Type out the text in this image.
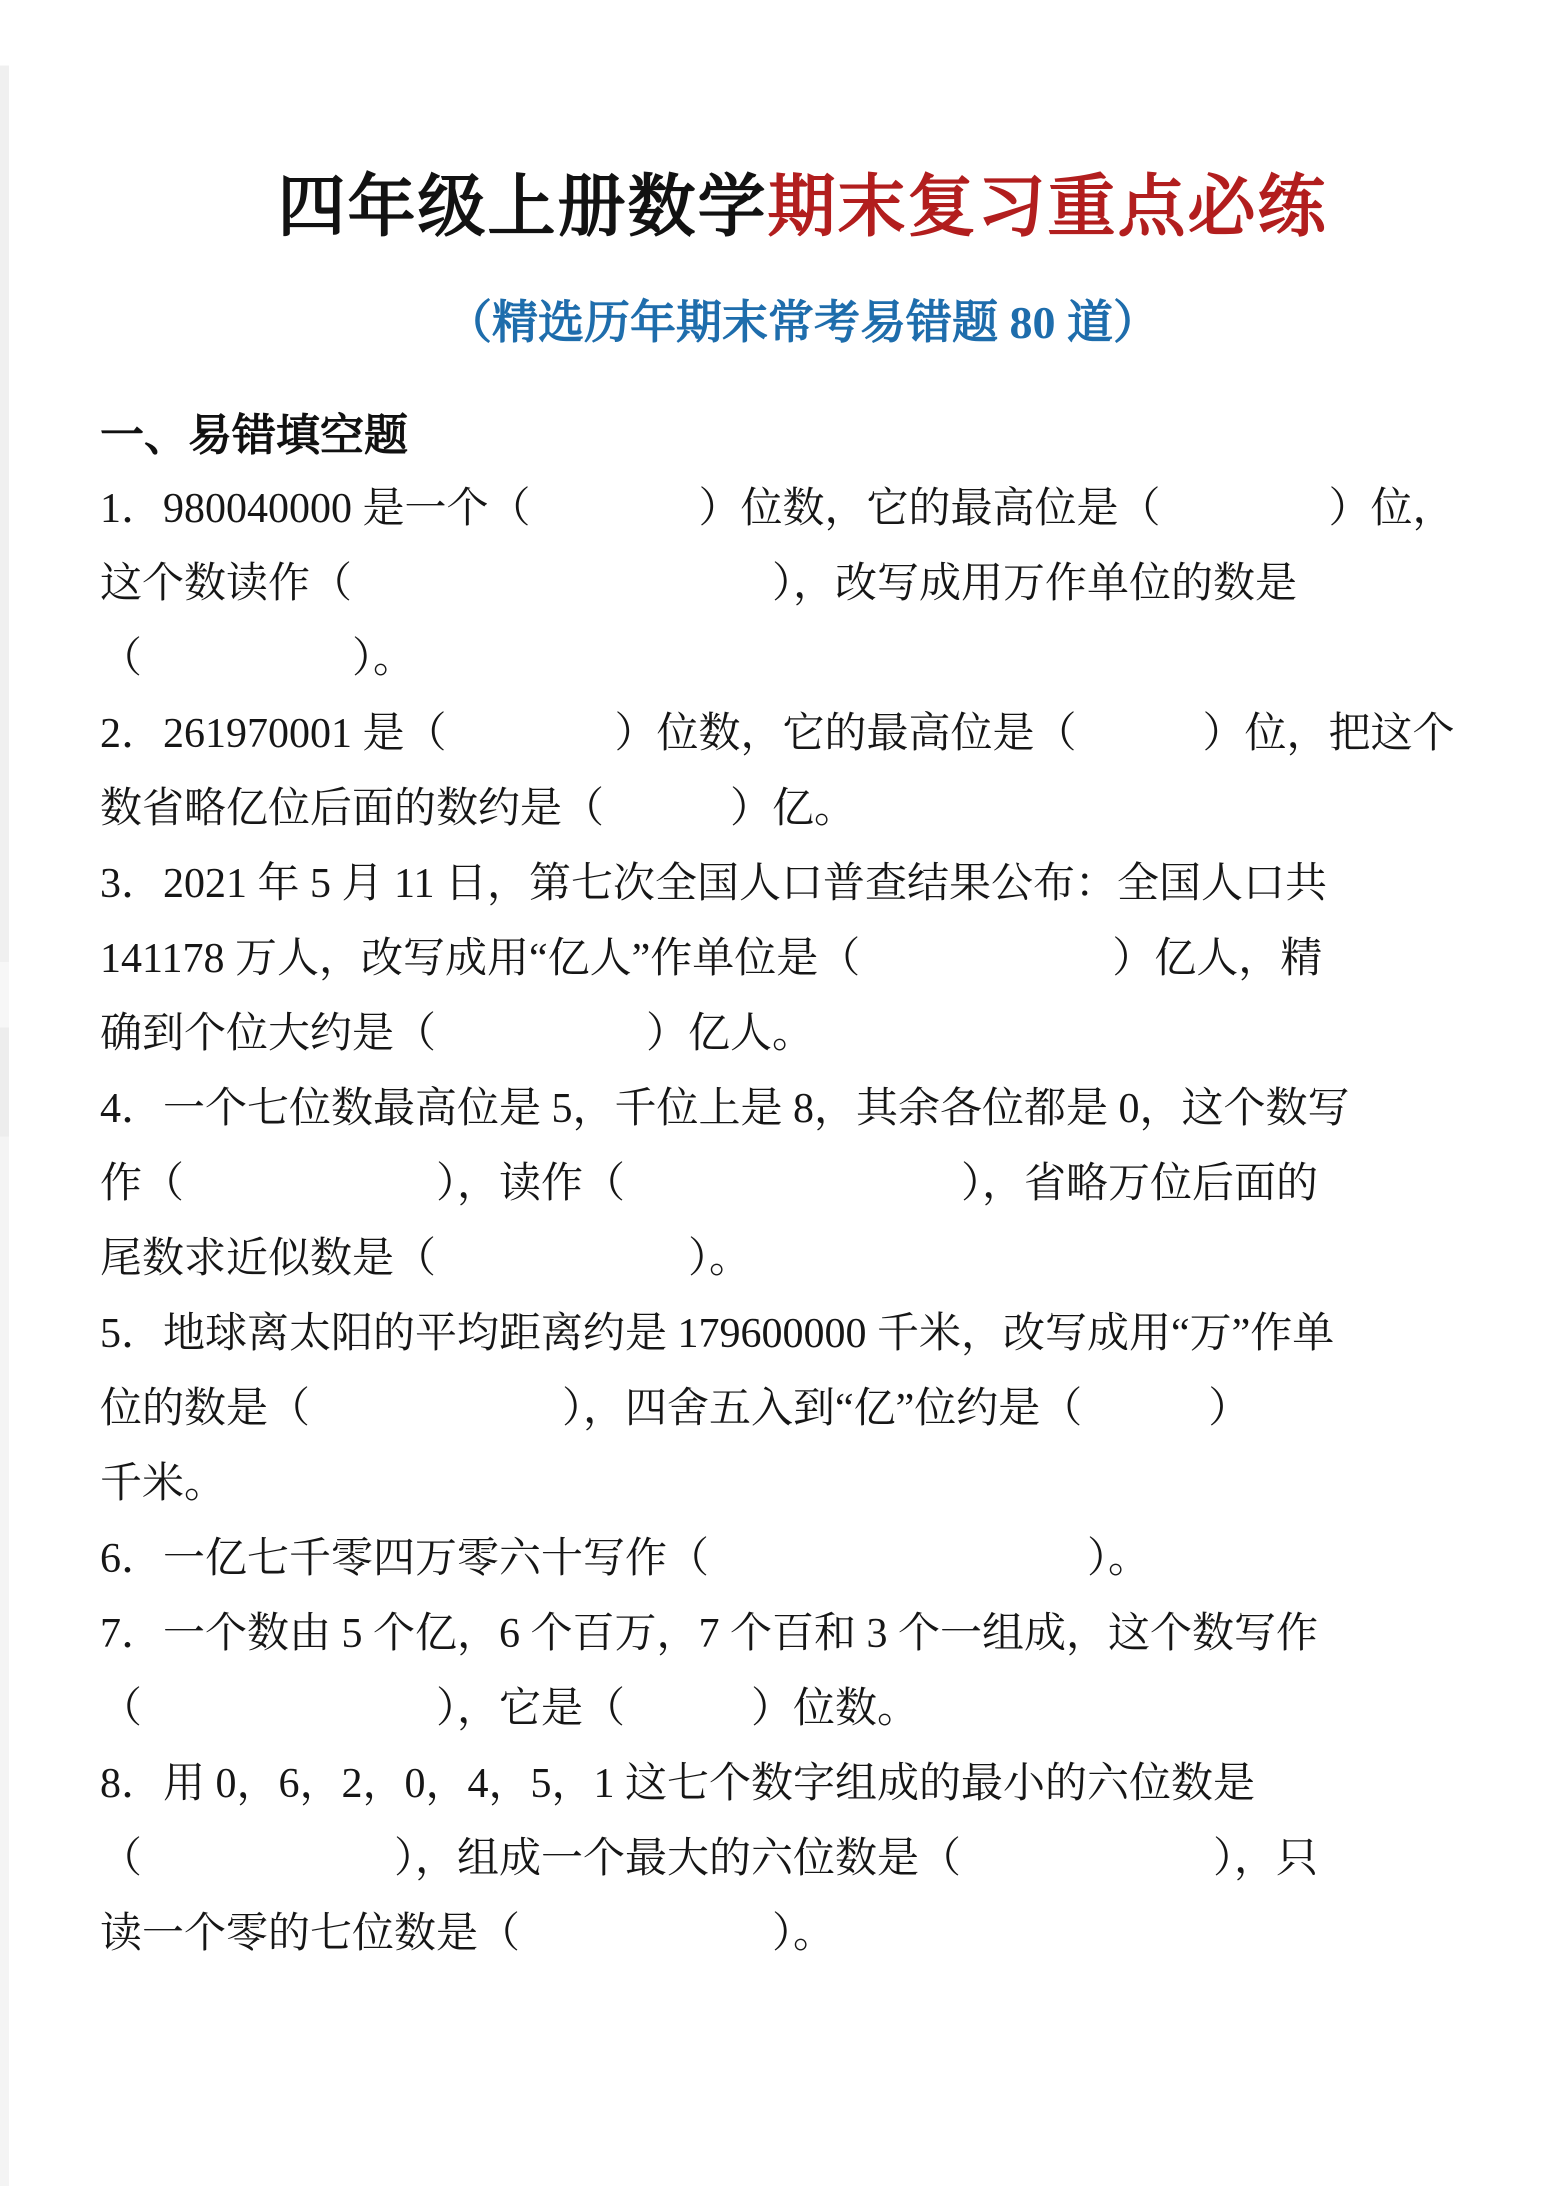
四年级上册数学期末复习重点必练
（精选历年期末常考易错题 80 道）
一、易错填空题
1．980040000 是一个（　　　　）位数，它的最高位是（　　　　）位，
这个数读作（　　　　　　　　　　），改写成用万作单位的数是
（　　　　　）。
2．261970001 是（　　　　）位数，它的最高位是（　　　）位，把这个
数省略亿位后面的数约是（　　　）亿。
3．2021 年 5 月 11 日，第七次全国人口普查结果公布：全国人口共
141178 万人，改写成用“亿人”作单位是（　　　　　　）亿人，精
确到个位大约是（　　　　　）亿人。
4．一个七位数最高位是 5，千位上是 8，其余各位都是 0，这个数写
作（　　　　　　），读作（　　　　　　　　），省略万位后面的
尾数求近似数是（　　　　　　）。
5．地球离太阳的平均距离约是 179600000 千米，改写成用“万”作单
位的数是（　　　　　　），四舍五入到“亿”位约是（　　　）
千米。
6．一亿七千零四万零六十写作（　　　　　　　　　）。
7．一个数由 5 个亿，6 个百万，7 个百和 3 个一组成，这个数写作
（　　　　　　　），它是（　　　）位数。
8．用 0，6，2，0，4，5，1 这七个数字组成的最小的六位数是
（　　　　　　），组成一个最大的六位数是（　　　　　　），只
读一个零的七位数是（　　　　　　）。
